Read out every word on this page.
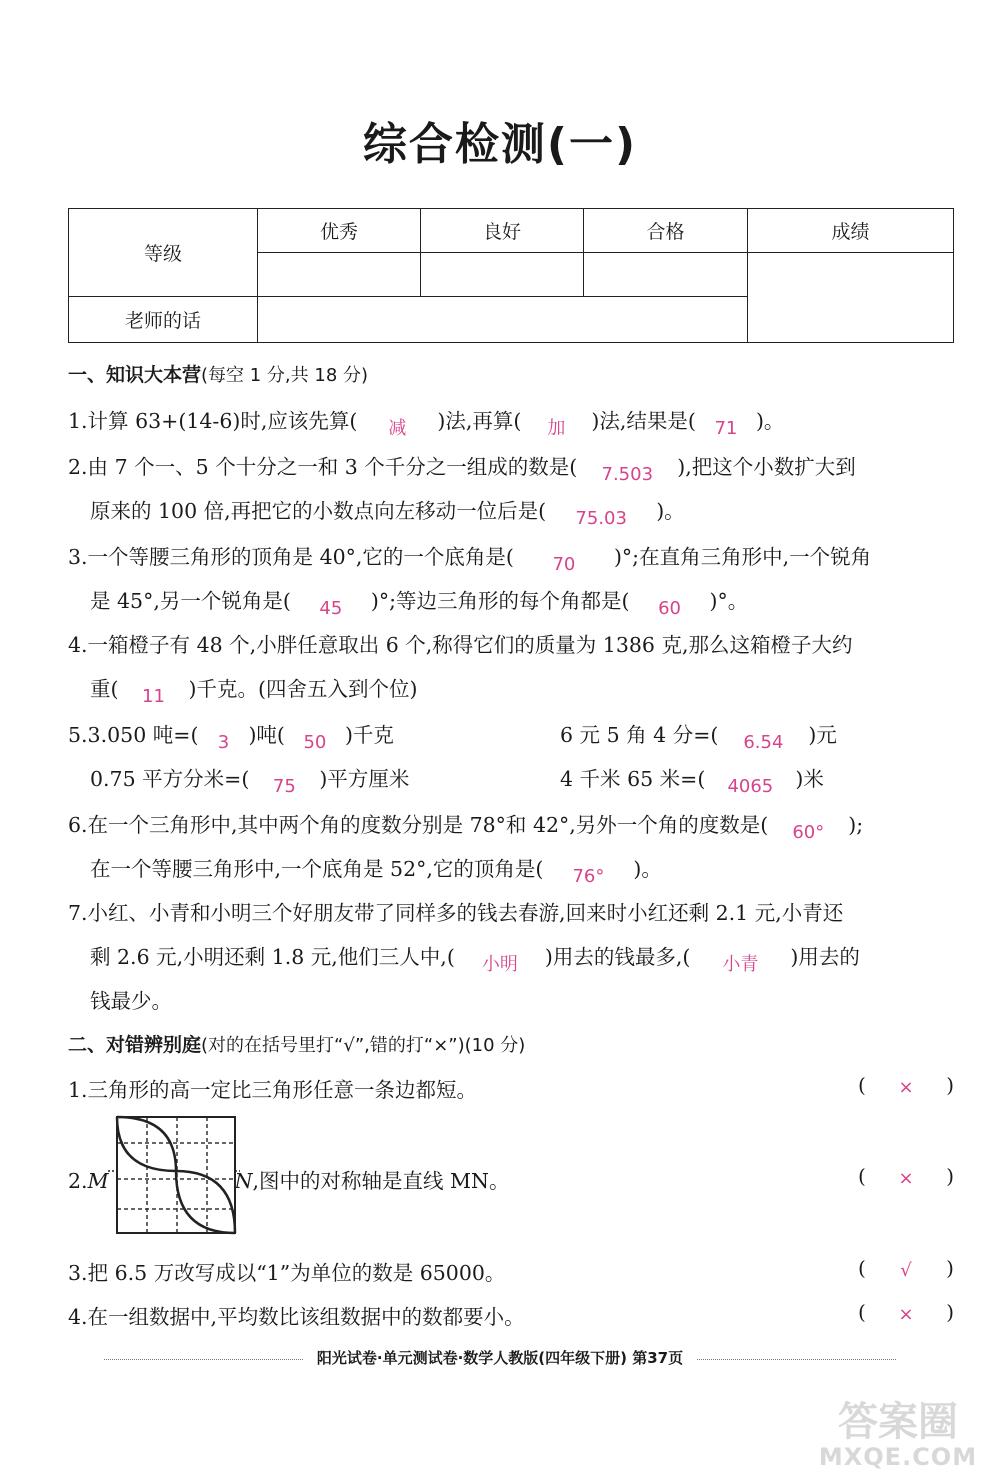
综合检测(一)
等级	优秀	良好	合格	成绩

老师的话				
一、知识大本营(每空 1 分,共 18 分)
1.计算 63+(14-6)时,应该先算( 减 )法,再算( 加 )法,结果是( 71 )。
2.由 7 个一、5 个十分之一和 3 个千分之一组成的数是( 7.503 ),把这个小数扩大到
原来的 100 倍,再把它的小数点向左移动一位后是( 75.03 )。
3.一个等腰三角形的顶角是 40°,它的一个底角是( 70 )°;在直角三角形中,一个锐角
是 45°,另一个锐角是( 45 )°;等边三角形的每个角都是( 60 )°。
4.一箱橙子有 48 个,小胖任意取出 6 个,称得它们的质量为 1386 克,那么这箱橙子大约
重( 11 )千克。(四舍五入到个位)
5.3.050 吨=( 3 )吨( 50 )千克	6 元 5 角 4 分=( 6.54 )元
0.75 平方分米=( 75 )平方厘米	4 千米 65 米=( 4065 )米
6.在一个三角形中,其中两个角的度数分别是 78°和 42°,另外一个角的度数是( 60° );
在一个等腰三角形中,一个底角是 52°,它的顶角是( 76° )。
7.小红、小青和小明三个好朋友带了同样多的钱去春游,回来时小红还剩 2.1 元,小青还
剩 2.6 元,小明还剩 1.8 元,他们三人中,( 小明 )用去的钱最多,( 小青 )用去的
钱最少。
二、对错辨别庭(对的在括号里打“√”,错的打“×”)(10 分)
1.三角形的高一定比三角形任意一条边都短。	( × )
2.M	N,图中的对称轴是直线 MN。	( × )
3.把 6.5 万改写成以“1”为单位的数是 65000。	( √ )
4.在一组数据中,平均数比该组数据中的数都要小。	( × )
阳光试卷·单元测试卷·数学人教版(四年级下册) 第37页
答案圈
MXQE.COM
